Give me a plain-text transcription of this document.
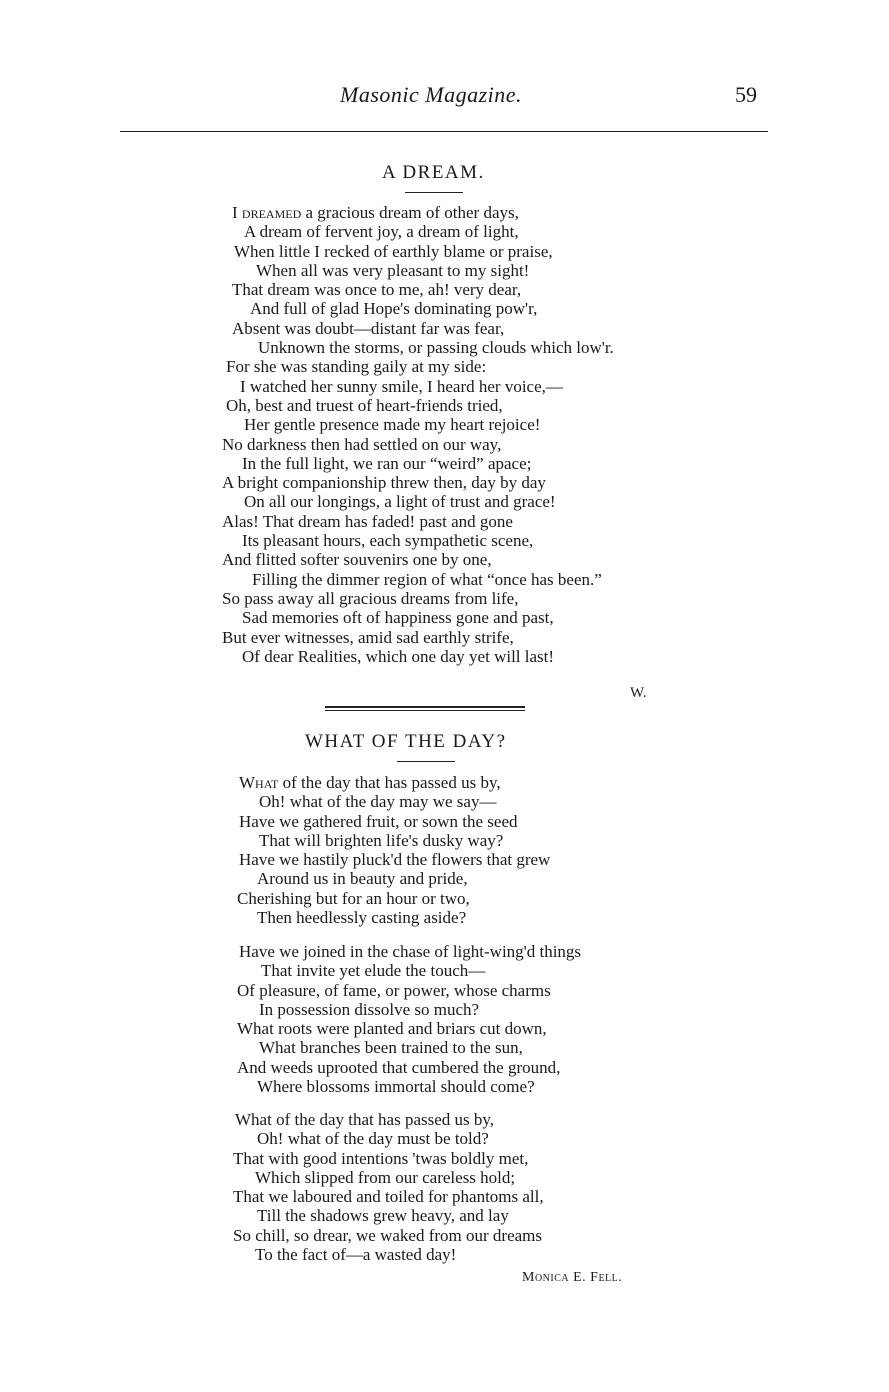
Masonic Magazine.	59
A DREAM.
I dreamed a gracious dream of other days,
A dream of fervent joy, a dream of light,
When little I recked of earthly blame or praise,
When all was very pleasant to my sight!
That dream was once to me, ah! very dear,
And full of glad Hope's dominating pow'r,
Absent was doubt—distant far was fear,
Unknown the storms, or passing clouds which low'r.
For she was standing gaily at my side:
I watched her sunny smile, I heard her voice,—
Oh, best and truest of heart-friends tried,
Her gentle presence made my heart rejoice!
No darkness then had settled on our way,
In the full light, we ran our “weird” apace;
A bright companionship threw then, day by day
On all our longings, a light of trust and grace!
Alas! That dream has faded! past and gone
Its pleasant hours, each sympathetic scene,
And flitted softer souvenirs one by one,
Filling the dimmer region of what “once has been.”
So pass away all gracious dreams from life,
Sad memories oft of happiness gone and past,
But ever witnesses, amid sad earthly strife,
Of dear Realities, which one day yet will last!
W.
WHAT OF THE DAY?
What of the day that has passed us by,
Oh! what of the day may we say—
Have we gathered fruit, or sown the seed
That will brighten life's dusky way?
Have we hastily pluck'd the flowers that grew
Around us in beauty and pride,
Cherishing but for an hour or two,
Then heedlessly casting aside?
Have we joined in the chase of light-wing'd things
That invite yet elude the touch—
Of pleasure, of fame, or power, whose charms
In possession dissolve so much?
What roots were planted and briars cut down,
What branches been trained to the sun,
And weeds uprooted that cumbered the ground,
Where blossoms immortal should come?
What of the day that has passed us by,
Oh! what of the day must be told?
That with good intentions 'twas boldly met,
Which slipped from our careless hold;
That we laboured and toiled for phantoms all,
Till the shadows grew heavy, and lay
So chill, so drear, we waked from our dreams
To the fact of—a wasted day!
Monica E. Fell.
